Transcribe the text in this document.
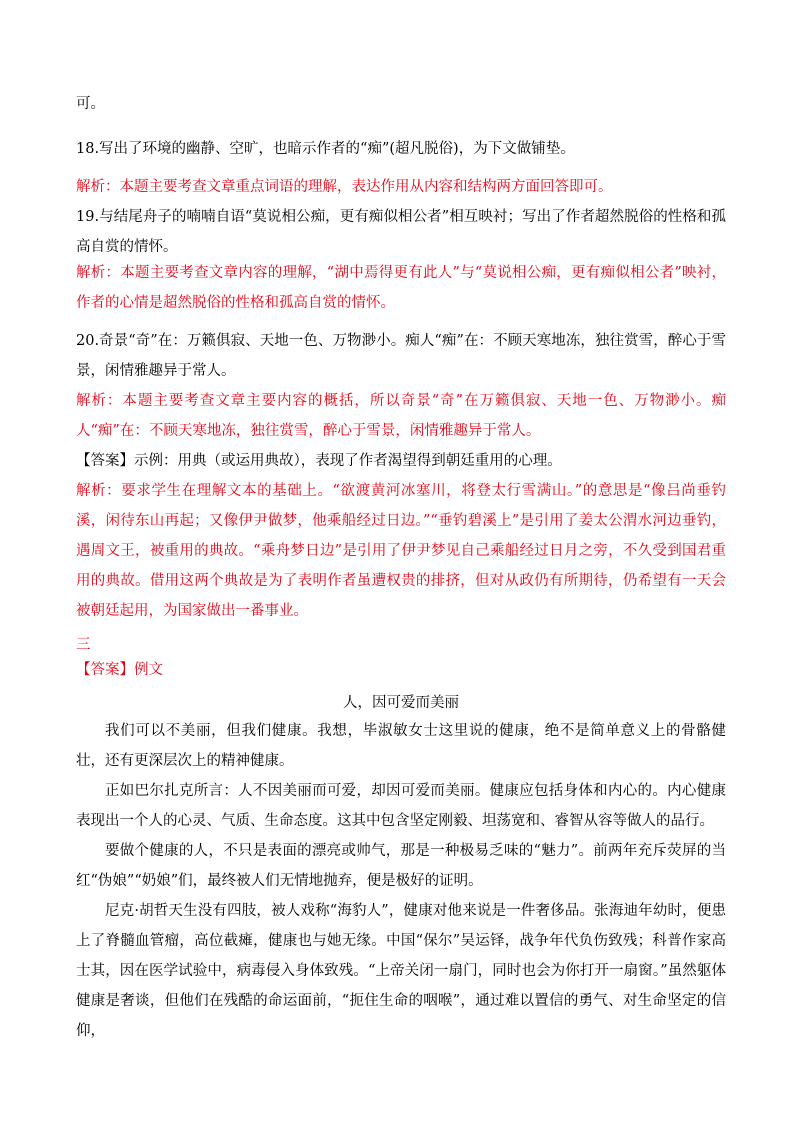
可。

18.写出了环境的幽静、空旷，也暗示作者的“痴”(超凡脱俗)，为下文做铺垫。

解析：本题主要考查文章重点词语的理解，表达作用从内容和结构两方面回答即可。

19.与结尾舟子的喃喃自语“莫说相公痴，更有痴似相公者”相互映衬；写出了作者超然脱俗的性格和孤高自赏的情怀。

解析：本题主要考查文章内容的理解，“湖中焉得更有此人”与“莫说相公痴，更有痴似相公者”映衬，作者的心情是超然脱俗的性格和孤高自赏的情怀。

20.奇景“奇”在：万籁俱寂、天地一色、万物渺小。痴人“痴”在：不顾天寒地冻，独往赏雪，醉心于雪景，闲情雅趣异于常人。

解析：本题主要考查文章主要内容的概括，所以奇景“奇”在万籁俱寂、天地一色、万物渺小。痴人“痴”在：不顾天寒地冻，独往赏雪，醉心于雪景，闲情雅趣异于常人。

【答案】示例：用典（或运用典故），表现了作者渴望得到朝廷重用的心理。

解析：要求学生在理解文本的基础上。“欲渡黄河冰塞川，将登太行雪满山。”的意思是“像吕尚垂钓溪，闲待东山再起；又像伊尹做梦，他乘船经过日边。”“垂钓碧溪上”是引用了姜太公渭水河边垂钓，遇周文王，被重用的典故。“乘舟梦日边”是引用了伊尹梦见自己乘船经过日月之旁，不久受到国君重用的典故。借用这两个典故是为了表明作者虽遭权贵的排挤，但对从政仍有所期待，仍希望有一天会被朝廷起用，为国家做出一番事业。

三

【答案】例文

人，因可爱而美丽

我们可以不美丽，但我们健康。我想，毕淑敏女士这里说的健康，绝不是简单意义上的骨骼健壮，还有更深层次上的精神健康。

正如巴尔扎克所言：人不因美丽而可爱，却因可爱而美丽。健康应包括身体和内心的。内心健康表现出一个人的心灵、气质、生命态度。这其中包含坚定刚毅、坦荡宽和、睿智从容等做人的品行。

要做个健康的人，不只是表面的漂亮或帅气，那是一种极易乏味的“魅力”。前两年充斥荧屏的当红“伪娘”“奶娘”们，最终被人们无情地抛弃，便是极好的证明。

尼克·胡哲天生没有四肢，被人戏称“海豹人”，健康对他来说是一件奢侈品。张海迪年幼时，便患上了脊髓血管瘤，高位截瘫，健康也与她无缘。中国“保尔”吴运铎，战争年代负伤致残；科普作家高士其，因在医学试验中，病毒侵入身体致残。“上帝关闭一扇门，同时也会为你打开一扇窗。”虽然躯体健康是奢谈，但他们在残酷的命运面前，“扼住生命的咽喉”，通过难以置信的勇气、对生命坚定的信仰，
